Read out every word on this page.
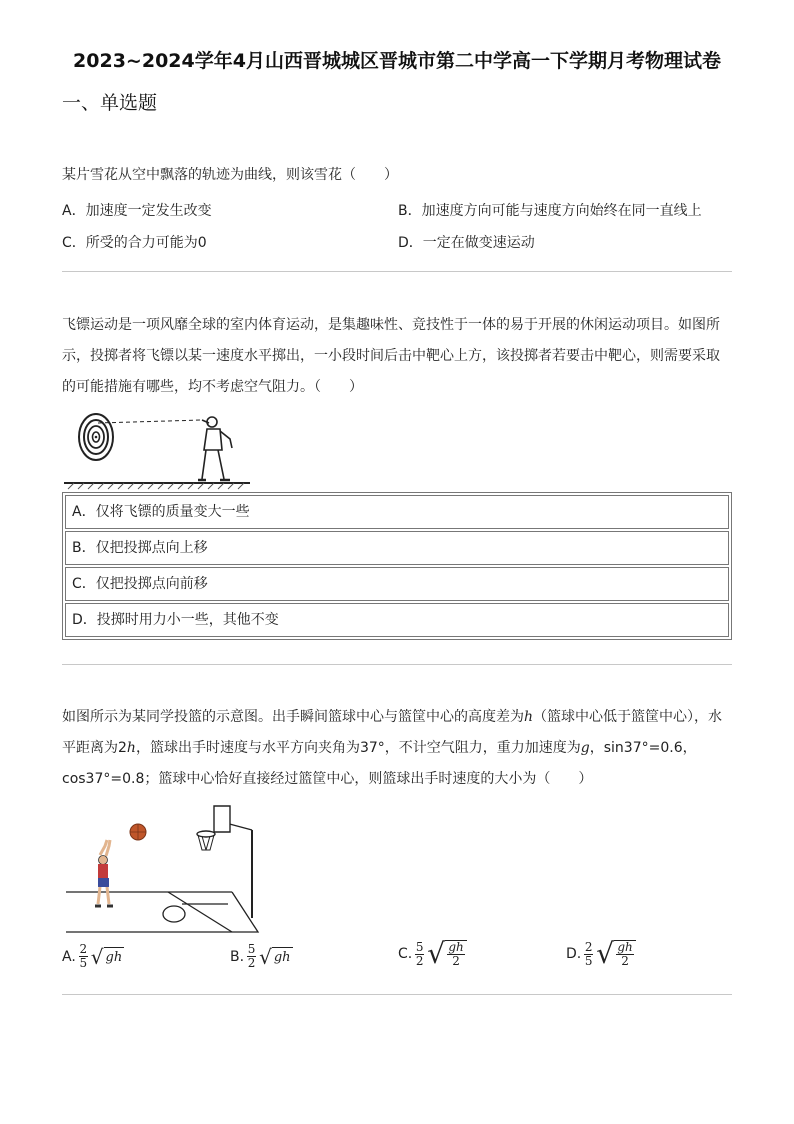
2023~2024学年4月山西晋城城区晋城市第二中学高一下学期月考物理试卷
一、单选题
某片雪花从空中飘落的轨迹为曲线，则该雪花（　　）
A．加速度一定发生改变	B．加速度方向可能与速度方向始终在同一直线上
C．所受的合力可能为0	D．一定在做变速运动
飞镖运动是一项风靡全球的室内体育运动，是集趣味性、竞技性于一体的易于开展的休闲运动项目。如图所
示，投掷者将飞镖以某一速度水平掷出，一小段时间后击中靶心上方，该投掷者若要击中靶心，则需要采取
的可能措施有哪些，均不考虑空气阻力。（　　）
A．仅将飞镖的质量变大一些
B．仅把投掷点向上移
C．仅把投掷点向前移
D．投掷时用力小一些，其他不变
如图所示为某同学投篮的示意图。出手瞬间篮球中心与篮筐中心的高度差为h（篮球中心低于篮筐中心），水
平距离为2h，篮球出手时速度与水平方向夹角为37°，不计空气阻力，重力加速度为g，sin37°=0.6，
cos37°=0.8；篮球中心恰好直接经过篮筐中心，则篮球出手时速度的大小为（　　）
A. $\frac{2}{5}$ √ gh	B. $\frac{5}{2}$ √ gh	C. $\frac{5}{2}$ √ $\frac{gh}{2}$	D. $\frac{2}{5}$ √ $\frac{gh}{2}$
